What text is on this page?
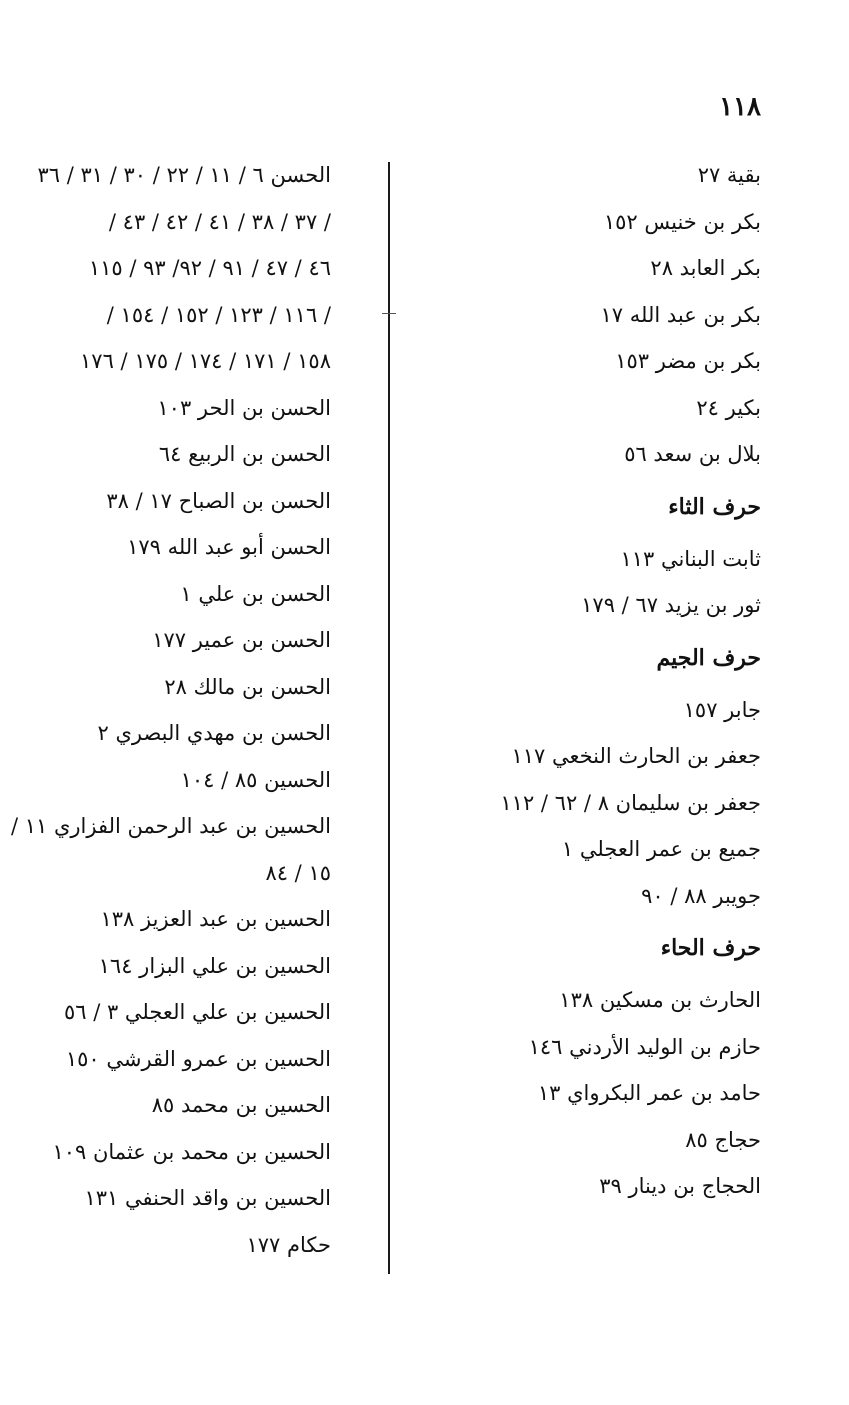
١١٨
بقية ٢٧
بكر بن خنيس ١٥٢
بكر العابد ٢٨
بكر بن عبد الله ١٧
بكر بن مضر ١٥٣
بكير ٢٤
بلال بن سعد ٥٦
حرف الثاء
ثابت البناني ١١٣
ثور بن يزيد ٦٧ / ١٧٩
حرف الجيم
جابر ١٥٧
جعفر بن الحارث النخعي ١١٧
جعفر بن سليمان ٨ / ٦٢ / ١١٢
جميع بن عمر العجلي ١
جويبر ٨٨ / ٩٠
حرف الحاء
الحارث بن مسكين ١٣٨
حازم بن الوليد الأردني ١٤٦
حامد بن عمر البكرواي ١٣
حجاج ٨٥
الحجاج بن دينار ٣٩
الحسن ٦ / ١١ / ٢٢ / ٣٠ / ٣١ / ٣٦
/ ٣٧ / ٣٨ / ٤١ / ٤٢ / ٤٣ /
٤٦ / ٤٧ / ٩١ / ٩٢/ ٩٣ / ١١٥
/ ١١٦ / ١٢٣ / ١٥٢ / ١٥٤ /
١٥٨ / ١٧١ / ١٧٤ / ١٧٥ / ١٧٦
الحسن بن الحر ١٠٣
الحسن بن الربيع ٦٤
الحسن بن الصباح ١٧ / ٣٨
الحسن أبو عبد الله ١٧٩
الحسن بن علي ١
الحسن بن عمير ١٧٧
الحسن بن مالك ٢٨
الحسن بن مهدي البصري ٢
الحسين ٨٥ / ١٠٤
الحسين بن عبد الرحمن الفزاري ١١ /
١٥ / ٨٤
الحسين بن عبد العزيز ١٣٨
الحسين بن علي البزار ١٦٤
الحسين بن علي العجلي ٣ / ٥٦
الحسين بن عمرو القرشي ١٥٠
الحسين بن محمد ٨٥
الحسين بن محمد بن عثمان ١٠٩
الحسين بن واقد الحنفي ١٣١
حكام ١٧٧
